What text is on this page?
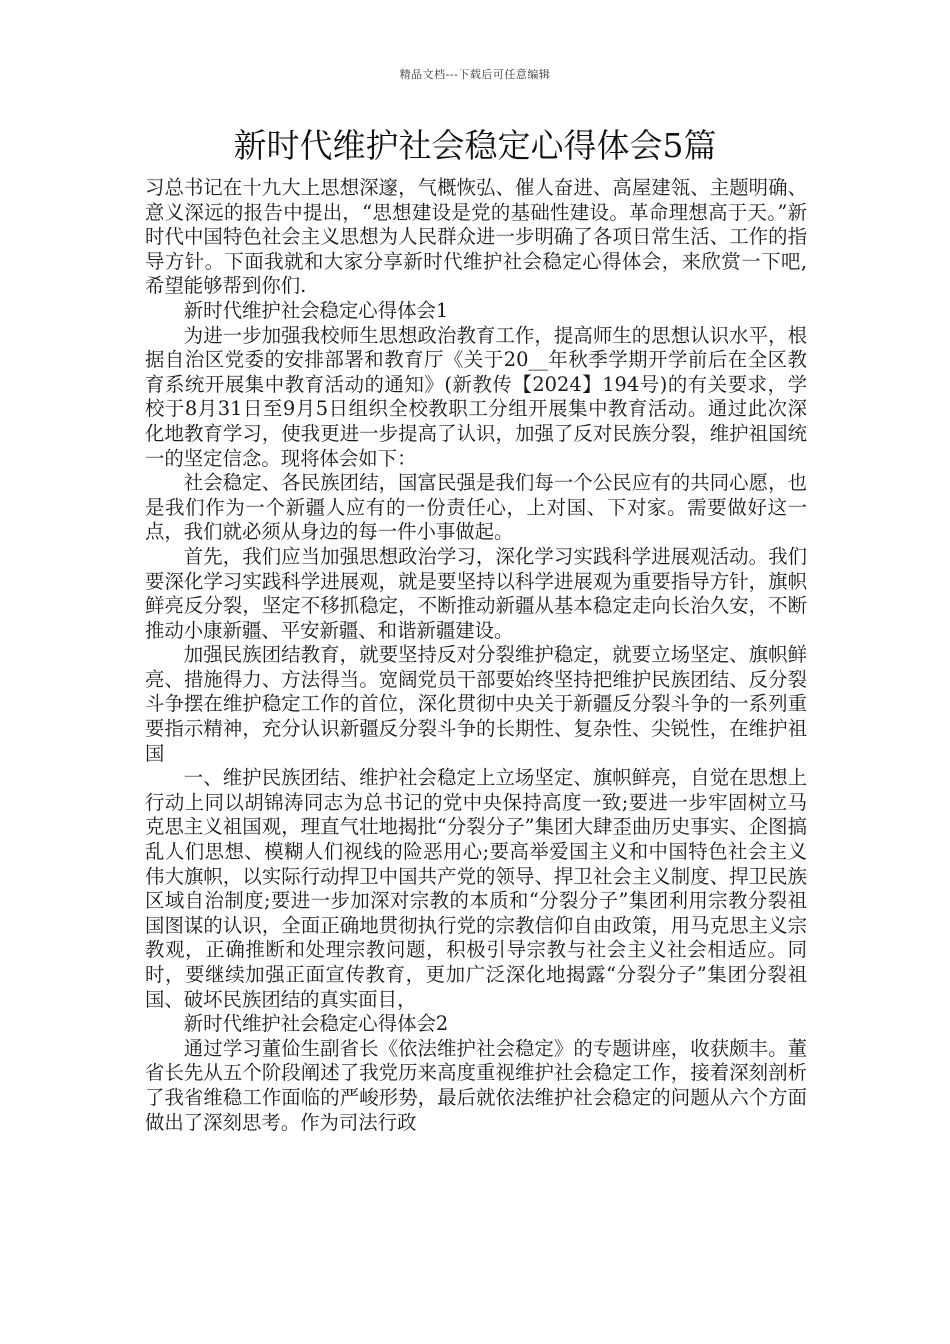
精品文档---下载后可任意编辑
新时代维护社会稳定心得体会5篇

习总书记在十九大上思想深邃，气概恢弘、催人奋进、高屋建瓴、主题明确、意义深远的报告中提出，“思想建设是党的基础性建设。革命理想高于天。”新时代中国特色社会主义思想为人民群众进一步明确了各项日常生活、工作的指导方针。下面我就和大家分享新时代维护社会稳定心得体会，来欣赏一下吧,希望能够帮到你们.

新时代维护社会稳定心得体会1

为进一步加强我校师生思想政治教育工作，提高师生的思想认识水平，根据自治区党委的安排部署和教育厅《关于20__年秋季学期开学前后在全区教育系统开展集中教育活动的通知》(新教传【2024】194号)的有关要求，学校于8月31日至9月5日组织全校教职工分组开展集中教育活动。通过此次深化地教育学习，使我更进一步提高了认识，加强了反对民族分裂，维护祖国统一的坚定信念。现将体会如下：

社会稳定、各民族团结，国富民强是我们每一个公民应有的共同心愿，也是我们作为一个新疆人应有的一份责任心，上对国、下对家。需要做好这一点，我们就必须从身边的每一件小事做起。

首先，我们应当加强思想政治学习，深化学习实践科学进展观活动。我们要深化学习实践科学进展观，就是要坚持以科学进展观为重要指导方针，旗帜鲜亮反分裂，坚定不移抓稳定，不断推动新疆从基本稳定走向长治久安，不断推动小康新疆、平安新疆、和谐新疆建设。

加强民族团结教育，就要坚持反对分裂维护稳定，就要立场坚定、旗帜鲜亮、措施得力、方法得当。宽阔党员干部要始终坚持把维护民族团结、反分裂斗争摆在维护稳定工作的首位，深化贯彻中央关于新疆反分裂斗争的一系列重要指示精神，充分认识新疆反分裂斗争的长期性、复杂性、尖锐性，在维护祖国

一、维护民族团结、维护社会稳定上立场坚定、旗帜鲜亮，自觉在思想上行动上同以胡锦涛同志为总书记的党中央保持高度一致;要进一步牢固树立马克思主义祖国观，理直气壮地揭批“分裂分子”集团大肆歪曲历史事实、企图搞乱人们思想、模糊人们视线的险恶用心;要高举爱国主义和中国特色社会主义伟大旗帜，以实际行动捍卫中国共产党的领导、捍卫社会主义制度、捍卫民族区域自治制度;要进一步加深对宗教的本质和“分裂分子”集团利用宗教分裂祖国图谋的认识，全面正确地贯彻执行党的宗教信仰自由政策，用马克思主义宗教观，正确推断和处理宗教问题，积极引导宗教与社会主义社会相适应。同时，要继续加强正面宣传教育，更加广泛深化地揭露“分裂分子”集团分裂祖国、破坏民族团结的真实面目，

新时代维护社会稳定心得体会2

通过学习董佡生副省长《依法维护社会稳定》的专题讲座，收获颇丰。董省长先从五个阶段阐述了我党历来高度重视维护社会稳定工作，接着深刻剖析了我省维稳工作面临的严峻形势，最后就依法维护社会稳定的问题从六个方面做出了深刻思考。作为司法行政
